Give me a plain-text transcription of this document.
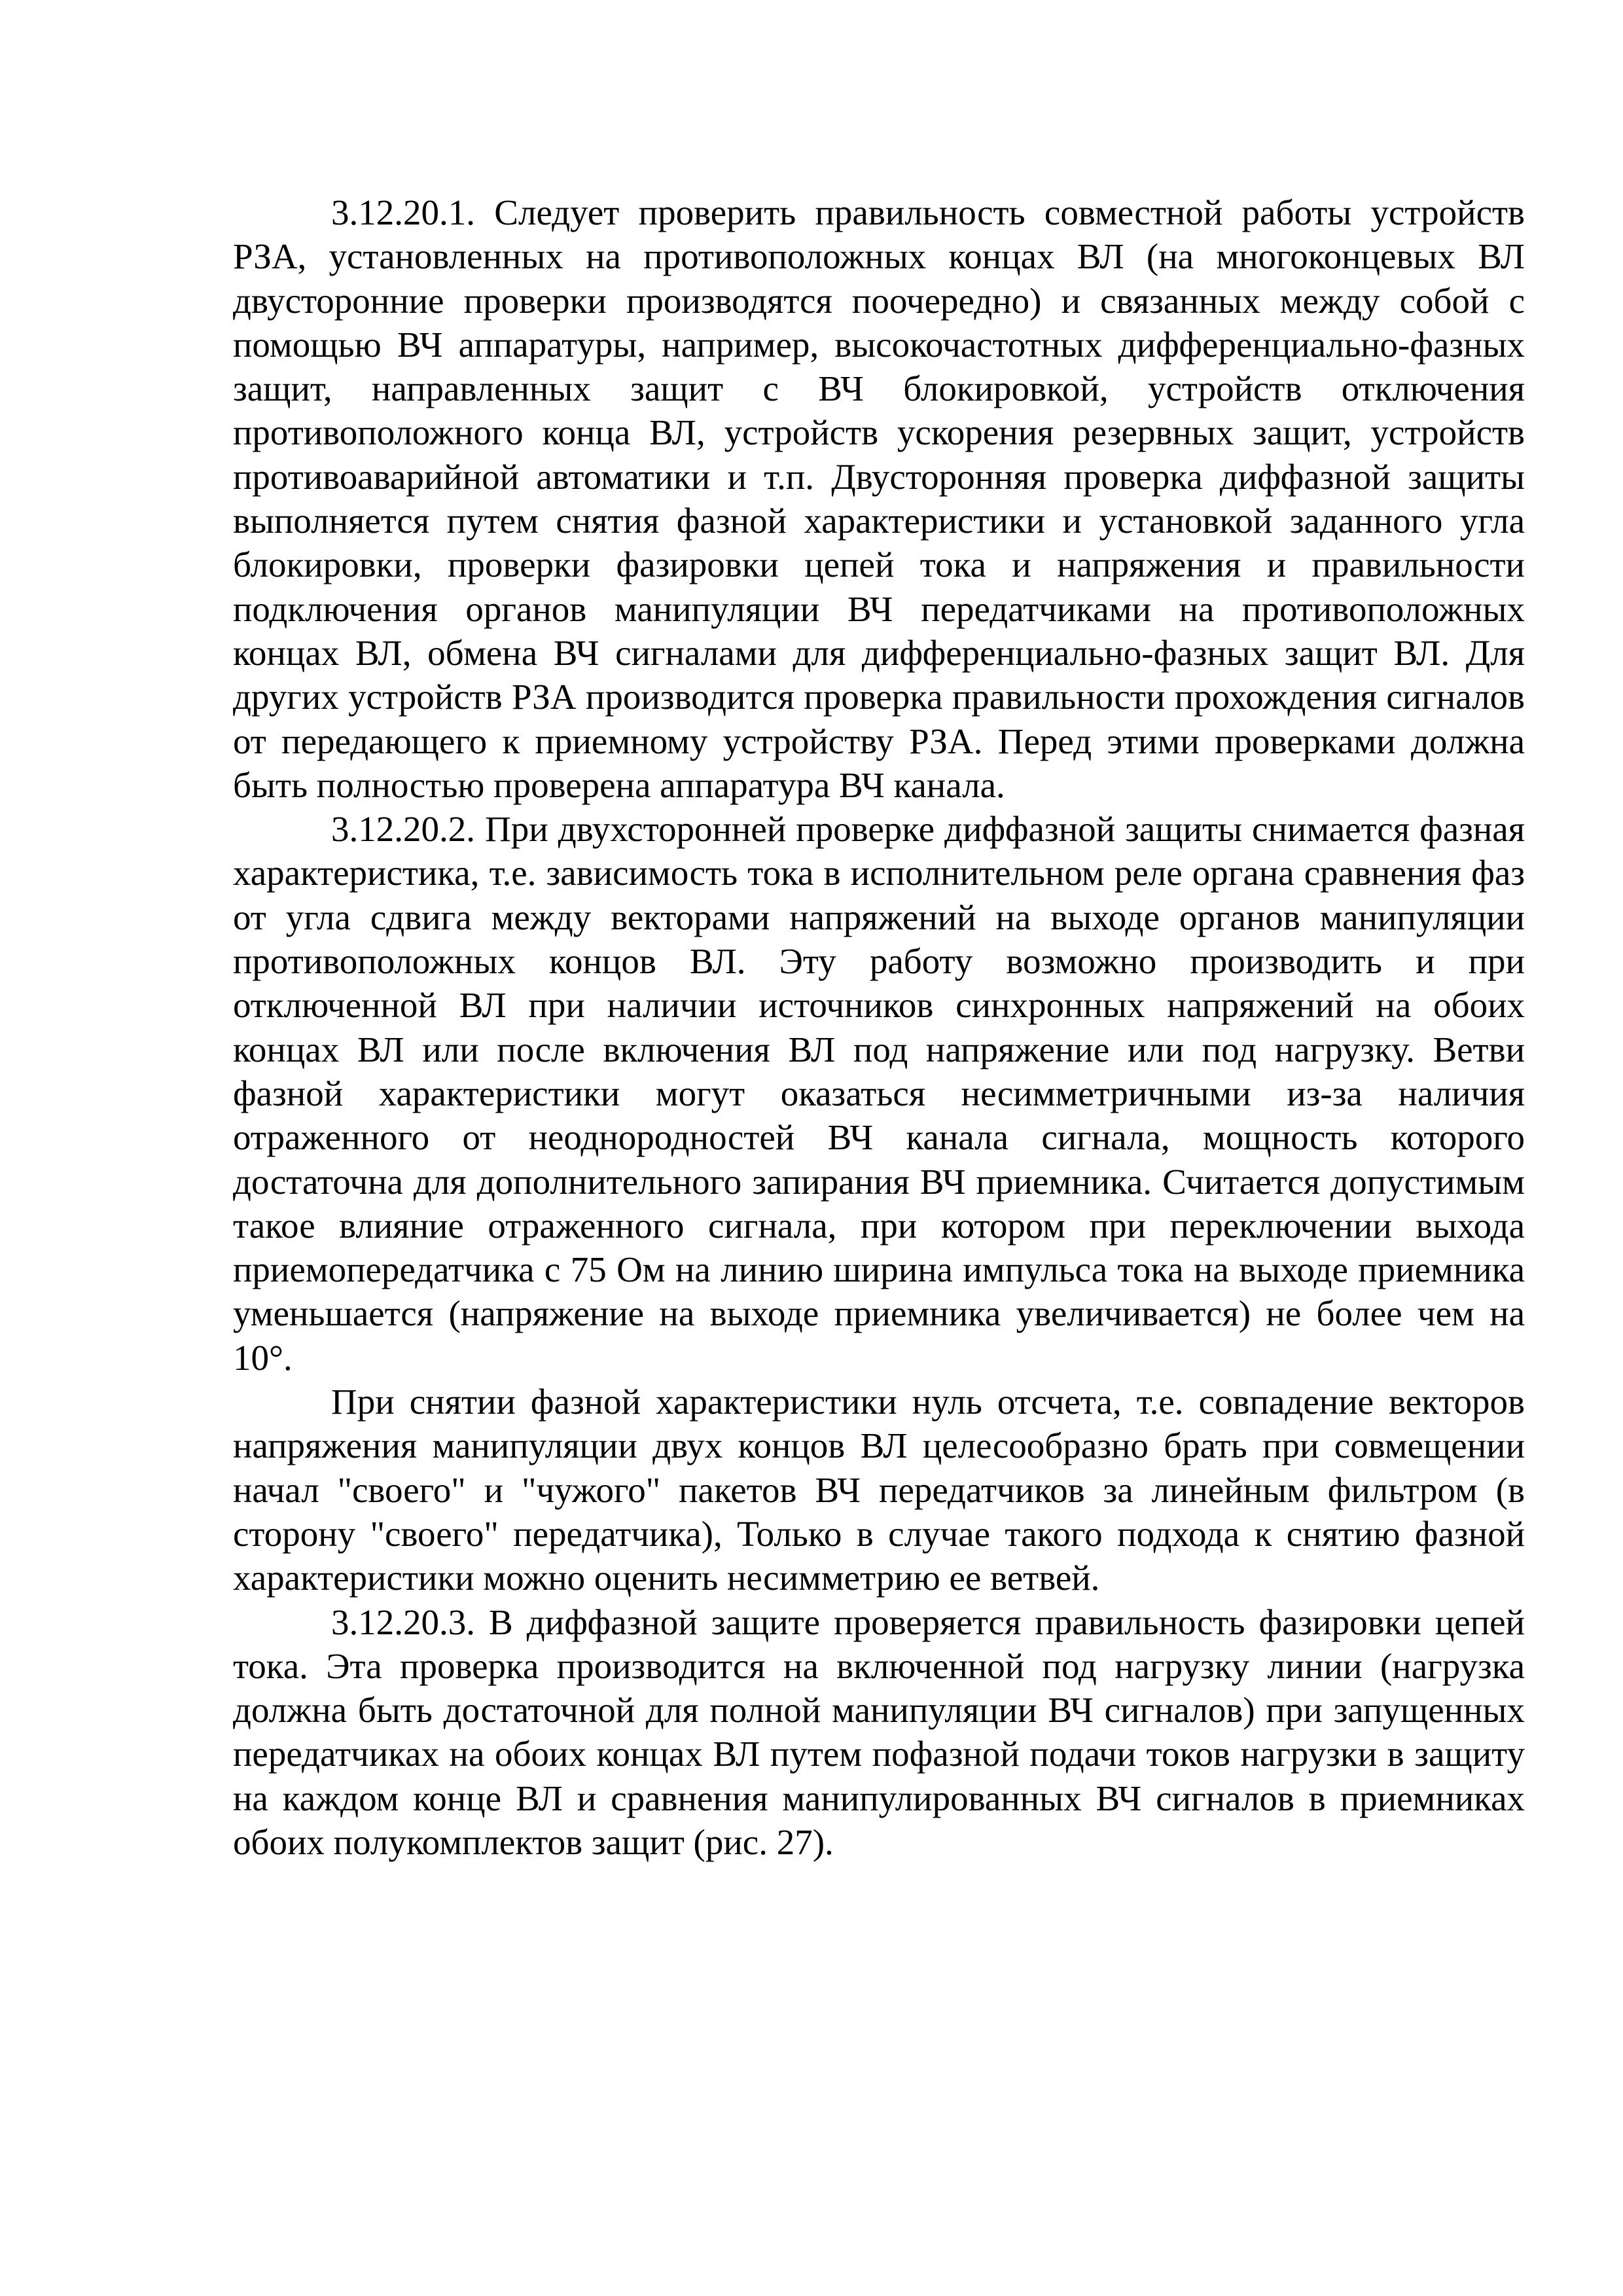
3.12.20.1. Следует проверить правильность совместной работы устройств РЗА, установленных на противоположных концах ВЛ (на многоконцевых ВЛ двусторонние проверки производятся поочередно) и связанных между собой с помощью ВЧ аппаратуры, например, высокочастотных дифференциально-фазных защит, направленных защит с ВЧ блокировкой, устройств отключения противоположного конца ВЛ, устройств ускорения резервных защит, устройств противоаварийной автоматики и т.п. Двусторонняя проверка диффазной защиты выполняется путем снятия фазной характеристики и установкой заданного угла блокировки, проверки фазировки цепей тока и напряжения и правильности подключения органов манипуляции ВЧ передатчиками на противоположных концах ВЛ, обмена ВЧ сигналами для дифференциально-фазных защит ВЛ. Для других устройств РЗА производится проверка правильности прохождения сигналов от передающего к приемному устройству РЗА. Перед этими проверками должна быть полностью проверена аппаратура ВЧ канала.

3.12.20.2. При двухсторонней проверке диффазной защиты снимается фазная характеристика, т.е. зависимость тока в исполнительном реле органа сравнения фаз от угла сдвига между векторами напряжений на выходе органов манипуляции противоположных концов ВЛ. Эту работу возможно производить и при отключенной ВЛ при наличии источников синхронных напряжений на обоих концах ВЛ или после включения ВЛ под напряжение или под нагрузку. Ветви фазной характеристики могут оказаться несимметричными из-за наличия отраженного от неоднородностей ВЧ канала сигнала, мощность которого достаточна для дополнительного запирания ВЧ приемника. Считается допустимым такое влияние отраженного сигнала, при котором при переключении выхода приемопередатчика с 75 Ом на линию ширина импульса тока на выходе приемника уменьшается (напряжение на выходе приемника увеличивается) не более чем на 10°.

При снятии фазной характеристики нуль отсчета, т.е. совпадение векторов напряжения манипуляции двух концов ВЛ целесообразно брать при совмещении начал "своего" и "чужого" пакетов ВЧ передатчиков за линейным фильтром (в сторону "своего" передатчика), Только в случае такого подхода к снятию фазной характеристики можно оценить несимметрию ее ветвей.

3.12.20.3. В диффазной защите проверяется правильность фазировки цепей тока. Эта проверка производится на включенной под нагрузку линии (нагрузка должна быть достаточной для полной манипуляции ВЧ сигналов) при запущенных передатчиках на обоих концах ВЛ путем пофазной подачи токов нагрузки в защиту на каждом конце ВЛ и сравнения манипулированных ВЧ сигналов в приемниках обоих полукомплектов защит (рис. 27).
